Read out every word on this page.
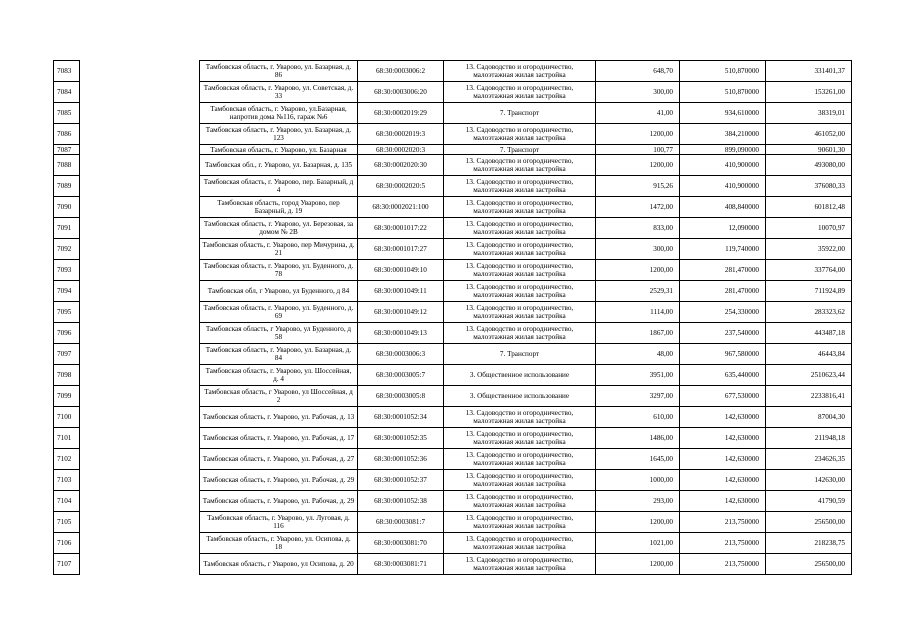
7083		Тамбовская область, г. Уварово, ул. Базарная, д. 86	68:30:0003006:2	13. Садоводство и огородничество, малоэтажная жилая застройка	648,70	510,870000	331401,37
7084		Тамбовская область, г. Уварово, ул. Советская, д. 33	68:30:0003006:20	13. Садоводство и огородничество, малоэтажная жилая застройка	300,00	510,870000	153261,00
7085		Тамбовская область, г. Уварово, ул.Базарная, напротив дома №116, гараж №6	68:30:0002019:29	7. Транспорт	41,00	934,610000	38319,01
7086		Тамбовская область, г. Уварово, ул. Базарная, д. 123	68:30:0002019:3	13. Садоводство и огородничество, малоэтажная жилая застройка	1200,00	384,210000	461052,00
7087		Тамбовская область, г. Уварово, ул. Базарная	68:30:0002020:3	7. Транспорт	100,77	899,090000	90601,30
7088		Тамбовская обл., г. Уварово, ул. Базарная, д. 135	68:30:0002020:30	13. Садоводство и огородничество, малоэтажная жилая застройка	1200,00	410,900000	493080,00
7089		Тамбовская область, г. Уварово, пер. Базарный, д 4	68:30:0002020:5	13. Садоводство и огородничество, малоэтажная жилая застройка	915,26	410,900000	376080,33
7090		Тамбовская область, город Уварово, пер Базарный, д. 19	68:30:0002021:100	13. Садоводство и огородничество, малоэтажная жилая застройка	1472,00	408,840000	601812,48
7091		Тамбовская область, г. Уварово, ул. Березовая, за домом № 2В	68:30:0001017:22	13. Садоводство и огородничество, малоэтажная жилая застройка	833,00	12,090000	10070,97
7092		Тамбовская область, г. Уварово, пер Мичурина, д. 21	68:30:0001017:27	13. Садоводство и огородничество, малоэтажная жилая застройка	300,00	119,740000	35922,00
7093		Тамбовская область, г. Уварово, ул. Буденного, д. 78	68:30:0001049:10	13. Садоводство и огородничество, малоэтажная жилая застройка	1200,00	281,470000	337764,00
7094		Тамбовская обл, г Уварово, ул Буденного, д 84	68:30:0001049:11	13. Садоводство и огородничество, малоэтажная жилая застройка	2529,31	281,470000	711924,89
7095		Тамбовская область, г. Уварово, ул. Буденного, д. 69	68:30:0001049:12	13. Садоводство и огородничество, малоэтажная жилая застройка	1114,00	254,330000	283323,62
7096		Тамбовская область, г Уварово, ул Буденного, д 58	68:30:0001049:13	13. Садоводство и огородничество, малоэтажная жилая застройка	1867,00	237,540000	443487,18
7097		Тамбовская область, г. Уварово, ул. Базарная, д. 84	68:30:0003006:3	7. Транспорт	48,00	967,580000	46443,84
7098		Тамбовская область, г. Уварово, ул. Шоссейная, д. 4	68:30:0003005:7	3. Общественное использование	3951,00	635,440000	2510623,44
7099		Тамбовская область, г Уварово, ул Шоссейная, д 2	68:30:0003005:8	3. Общественное использование	3297,00	677,530000	2233816,41
7100		Тамбовская область, г. Уварово, ул. Рабочая, д. 13	68:30:0001052:34	13. Садоводство и огородничество, малоэтажная жилая застройка	610,00	142,630000	87004,30
7101		Тамбовская область, г. Уварово, ул. Рабочая, д. 17	68:30:0001052:35	13. Садоводство и огородничество, малоэтажная жилая застройка	1486,00	142,630000	211948,18
7102		Тамбовская область, г. Уварово, ул. Рабочая, д. 27	68:30:0001052:36	13. Садоводство и огородничество, малоэтажная жилая застройка	1645,00	142,630000	234626,35
7103		Тамбовская область, г. Уварово, ул. Рабочая, д. 29	68:30:0001052:37	13. Садоводство и огородничество, малоэтажная жилая застройка	1000,00	142,630000	142630,00
7104		Тамбовская область, г. Уварово, ул. Рабочая, д. 29	68:30:0001052:38	13. Садоводство и огородничество, малоэтажная жилая застройка	293,00	142,630000	41790,59
7105		Тамбовская область, г. Уварово, ул. Луговая, д. 116	68:30:0003081:7	13. Садоводство и огородничество, малоэтажная жилая застройка	1200,00	213,750000	256500,00
7106		Тамбовская область, г. Уварово, ул. Осипова, д. 18	68:30:0003081:70	13. Садоводство и огородничество, малоэтажная жилая застройка	1021,00	213,750000	218238,75
7107		Тамбовская область, г Уварово, ул Осипова, д. 20	68:30:0003081:71	13. Садоводство и огородничество, малоэтажная жилая застройка	1200,00	213,750000	256500,00
